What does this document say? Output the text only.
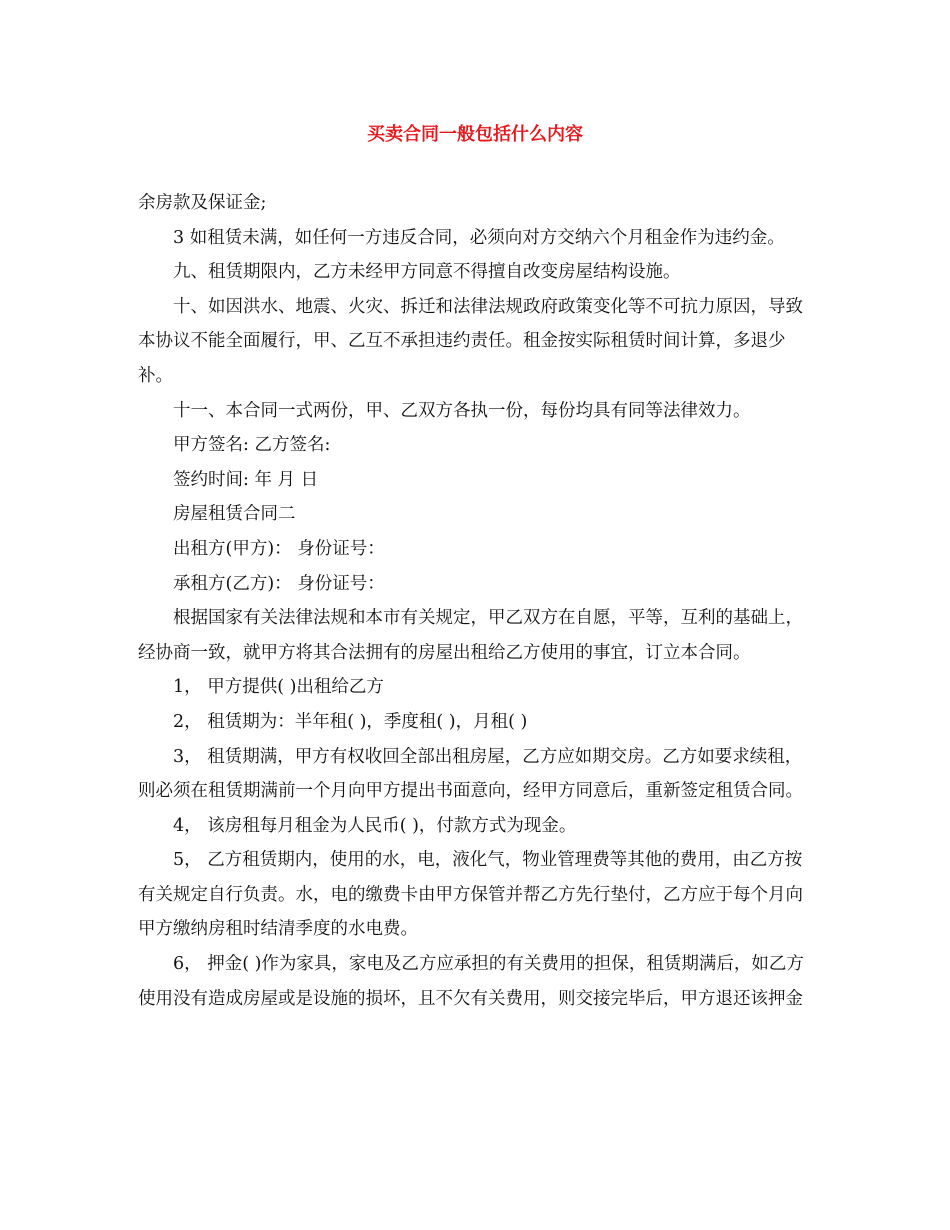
买卖合同一般包括什么内容

余房款及保证金;

3 如租赁未满，如任何一方违反合同，必须向对方交纳六个月租金作为违约金。

九、租赁期限内，乙方未经甲方同意不得擅自改变房屋结构设施。

十、如因洪水、地震、火灾、拆迁和法律法规政府政策变化等不可抗力原因，导致本协议不能全面履行，甲、乙互不承担违约责任。租金按实际租赁时间计算，多退少补。

十一、本合同一式两份，甲、乙双方各执一份，每份均具有同等法律效力。

甲方签名: 乙方签名:

签约时间: 年 月 日

房屋租赁合同二

出租方(甲方)： 身份证号：

承租方(乙方)： 身份证号：

根据国家有关法律法规和本市有关规定，甲乙双方在自愿，平等，互利的基础上，经协商一致，就甲方将其合法拥有的房屋出租给乙方使用的事宜，订立本合同。

1， 甲方提供( )出租给乙方

2， 租赁期为：半年租( )，季度租( )，月租( )

3， 租赁期满，甲方有权收回全部出租房屋，乙方应如期交房。乙方如要求续租，则必须在租赁期满前一个月向甲方提出书面意向，经甲方同意后，重新签定租赁合同。

4， 该房租每月租金为人民币( )，付款方式为现金。

5， 乙方租赁期内，使用的水，电，液化气，物业管理费等其他的费用，由乙方按有关规定自行负责。水，电的缴费卡由甲方保管并帮乙方先行垫付，乙方应于每个月向甲方缴纳房租时结清季度的水电费。

6， 押金( )作为家具，家电及乙方应承担的有关费用的担保，租赁期满后，如乙方使用没有造成房屋或是设施的损坏，且不欠有关费用，则交接完毕后，甲方退还该押金
